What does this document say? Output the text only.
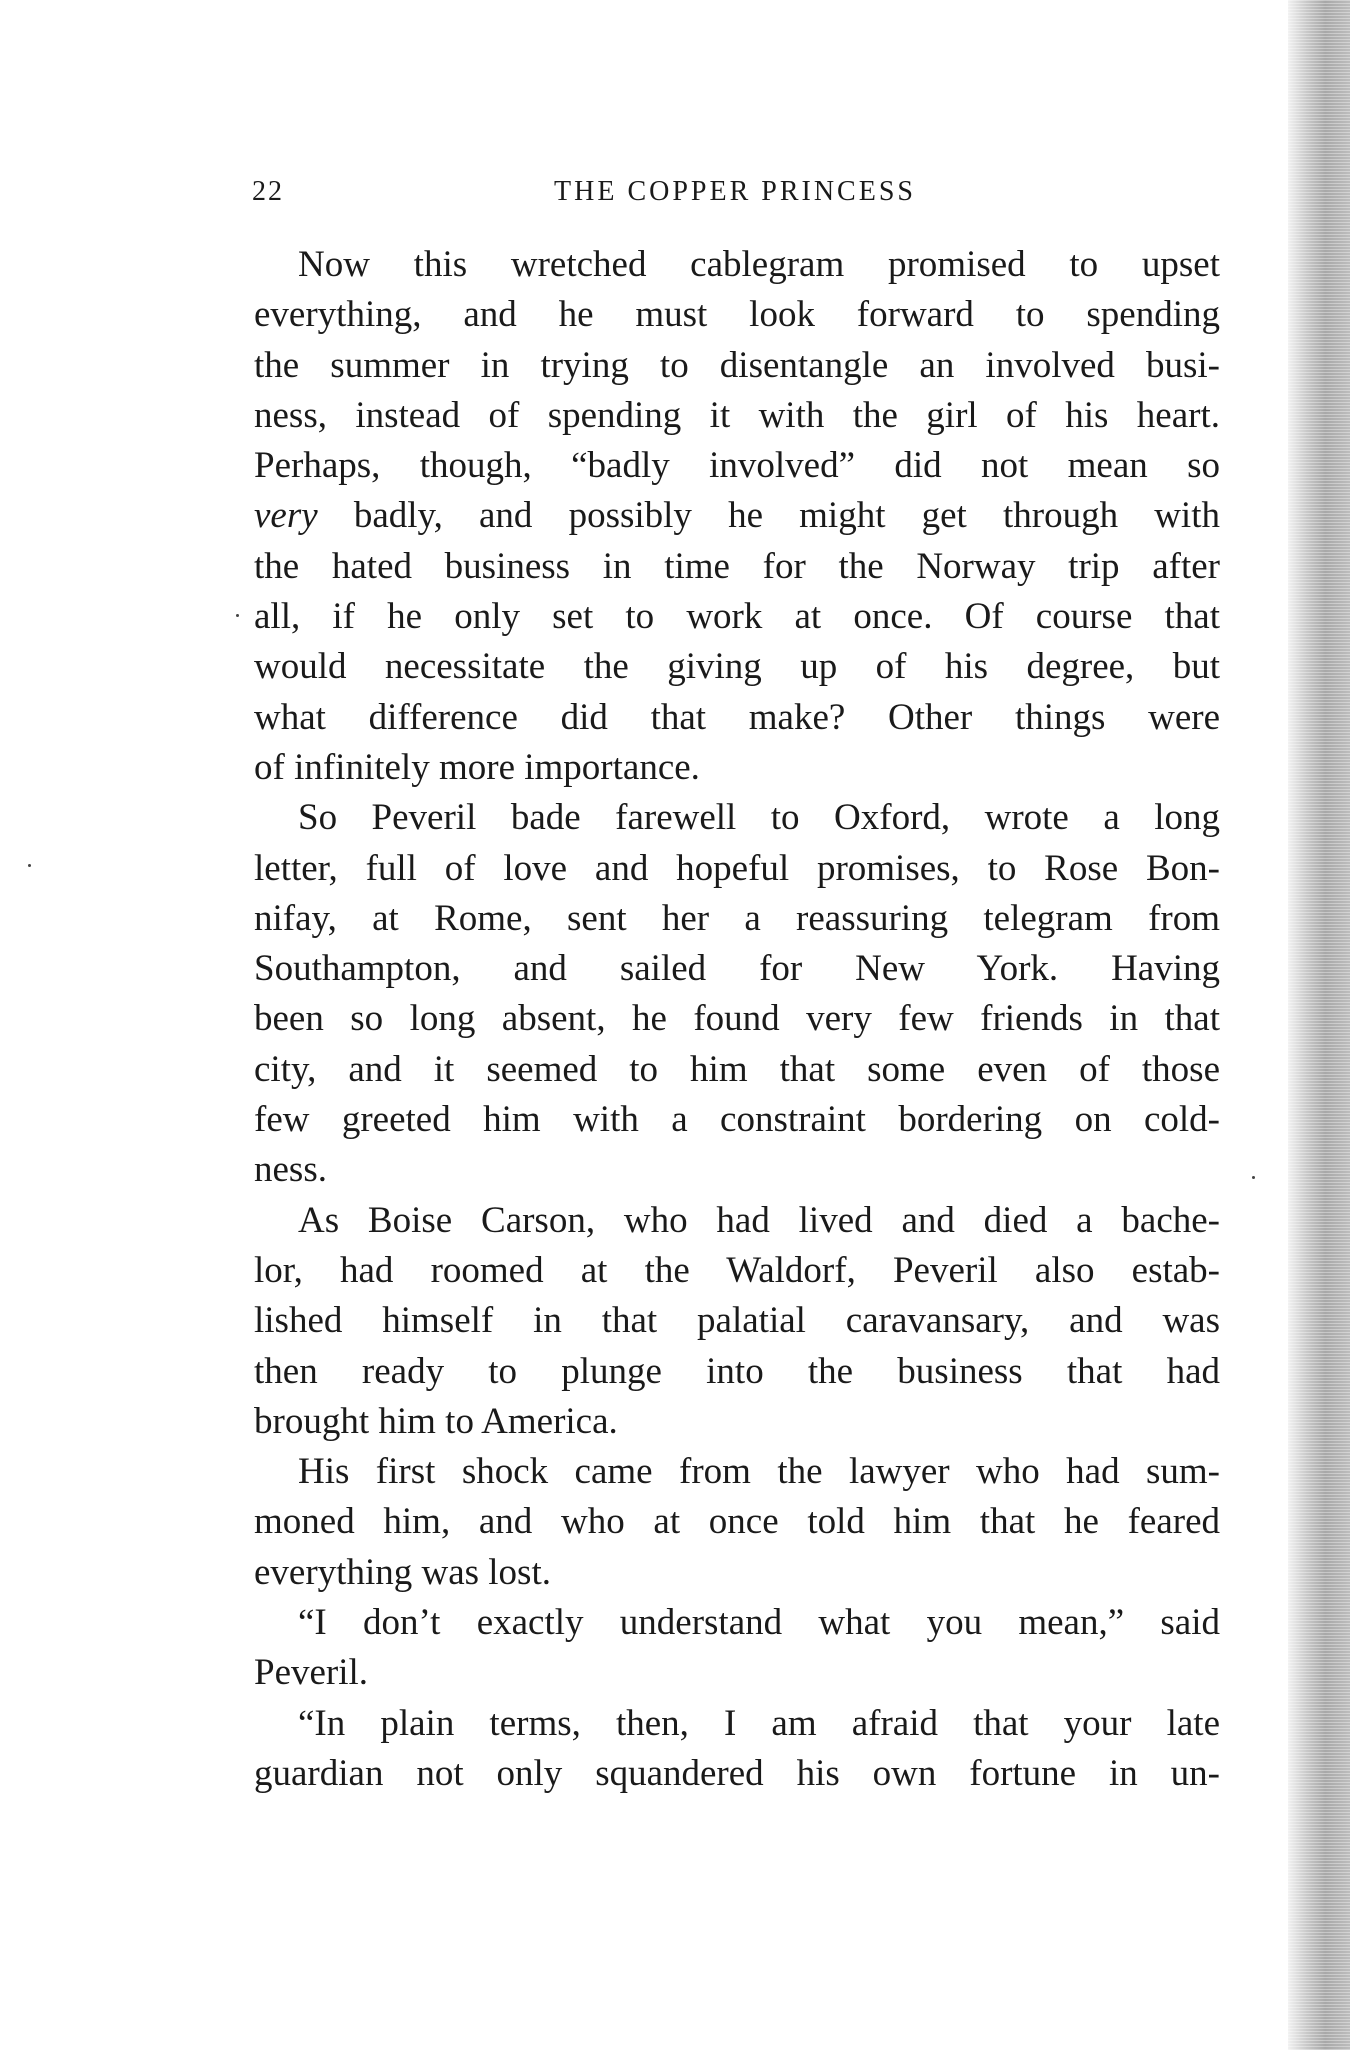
22	THE COPPER PRINCESS
Now this wretched cablegram promised to upset
everything, and he must look forward to spending
the summer in trying to disentangle an involved busi-
ness, instead of spending it with the girl of his heart.
Perhaps, though, “badly involved” did not mean so
very badly, and possibly he might get through with
the hated business in time for the Norway trip after
all, if he only set to work at once. Of course that
would necessitate the giving up of his degree, but
what difference did that make? Other things were
of infinitely more importance.
So Peveril bade farewell to Oxford, wrote a long
letter, full of love and hopeful promises, to Rose Bon-
nifay, at Rome, sent her a reassuring telegram from
Southampton, and sailed for New York. Having
been so long absent, he found very few friends in that
city, and it seemed to him that some even of those
few greeted him with a constraint bordering on cold-
ness.
As Boise Carson, who had lived and died a bache-
lor, had roomed at the Waldorf, Peveril also estab-
lished himself in that palatial caravansary, and was
then ready to plunge into the business that had
brought him to America.
His first shock came from the lawyer who had sum-
moned him, and who at once told him that he feared
everything was lost.
“I don’t exactly understand what you mean,” said
Peveril.
“In plain terms, then, I am afraid that your late
guardian not only squandered his own fortune in un-
